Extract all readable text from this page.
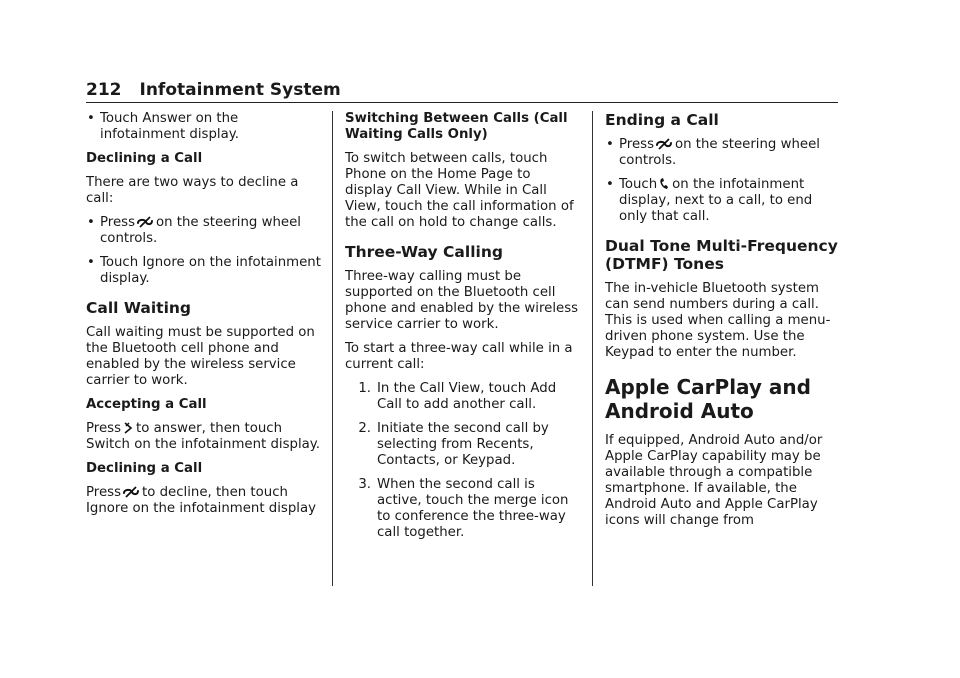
212 Infotainment System
• Touch Answer on the infotainment display.

Declining a Call

There are two ways to decline a call:

• Press on the steering wheel controls.
• Touch Ignore on the infotainment display.
Call Waiting

Call waiting must be supported on the Bluetooth cell phone and enabled by the wireless service carrier to work.

Accepting a Call

Press to answer, then touch Switch on the infotainment display.

Declining a Call

Press to decline, then touch Ignore on the infotainment display

Switching Between Calls (Call Waiting Calls Only)

To switch between calls, touch Phone on the Home Page to display Call View. While in Call View, touch the call information of the call on hold to change calls.

Three-Way Calling

Three-way calling must be supported on the Bluetooth cell phone and enabled by the wireless service carrier to work.

To start a three-way call while in a current call:

1. In the Call View, touch Add Call to add another call.
2. Initiate the second call by selecting from Recents, Contacts, or Keypad.
3. When the second call is active, touch the merge icon to conference the three-way call together.
Ending a Call
• Press on the steering wheel controls.
• Touch on the infotainment display, next to a call, to end only that call.
Dual Tone Multi-Frequency (DTMF) Tones

The in-vehicle Bluetooth system can send numbers during a call. This is used when calling a menu-driven phone system. Use the Keypad to enter the number.

Apple CarPlay and Android Auto

If equipped, Android Auto and/or Apple CarPlay capability may be available through a compatible smartphone. If available, the Android Auto and Apple CarPlay icons will change from
